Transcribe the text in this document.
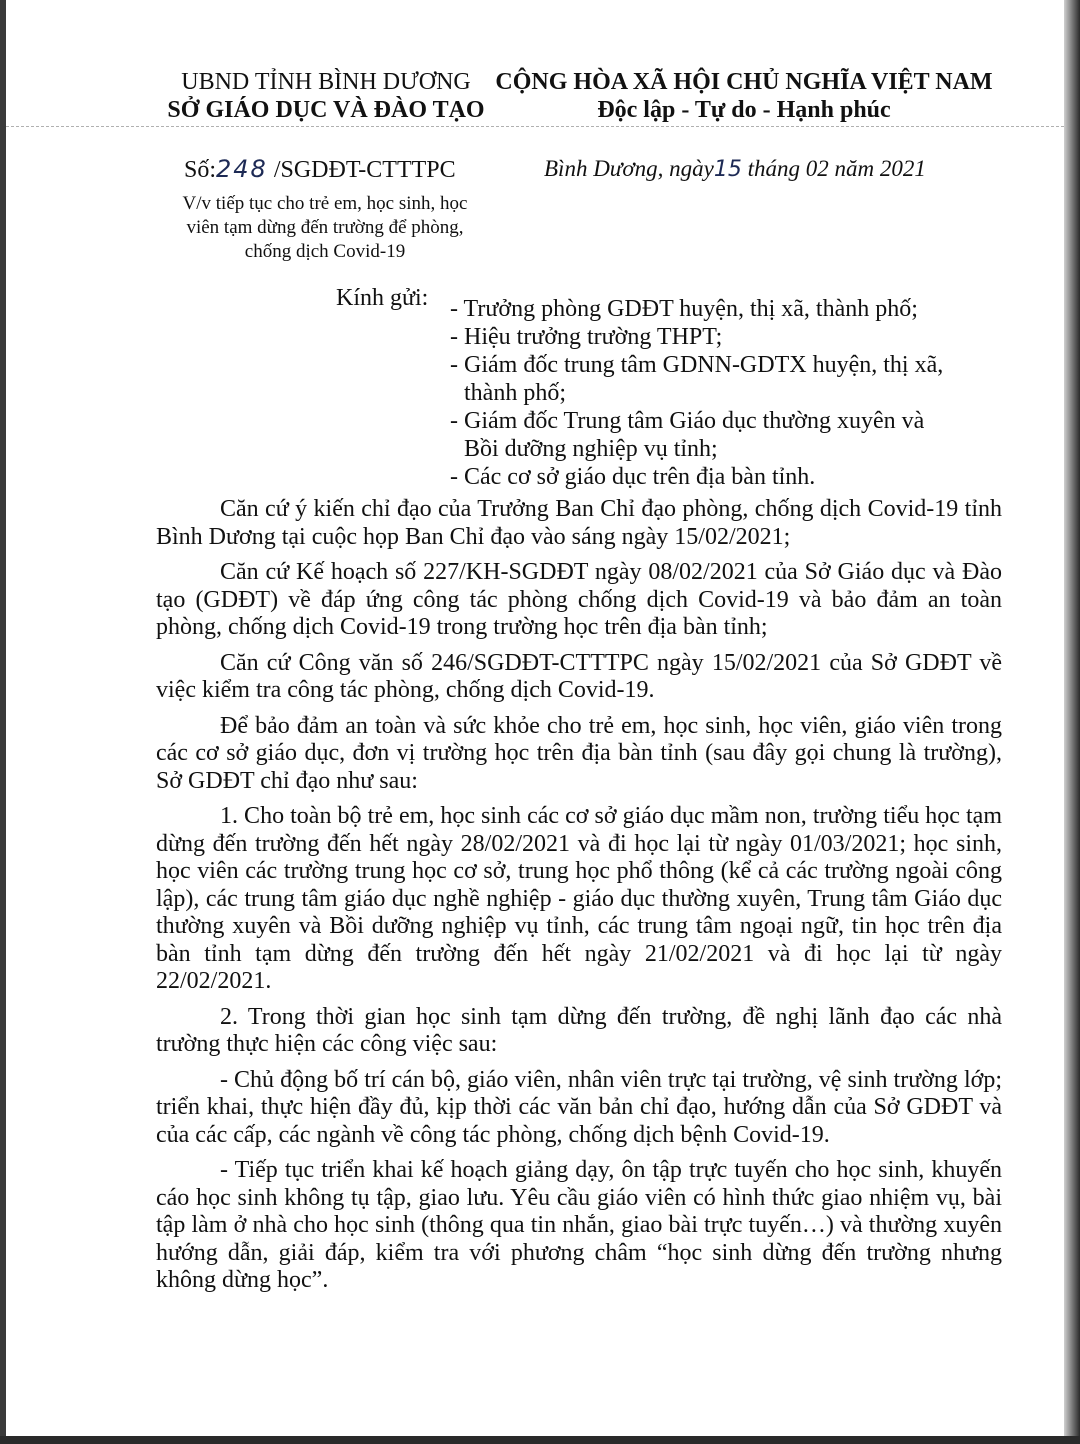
UBND TỈNH BÌNH DƯƠNG
SỞ GIÁO DỤC VÀ ĐÀO TẠO
CỘNG HÒA XÃ HỘI CHỦ NGHĨA VIỆT NAM
Độc lập - Tự do - Hạnh phúc
Số:248 /SGDĐT-CTTTPC	Bình Dương, ngày15 tháng 02 năm 2021
V/v tiếp tục cho trẻ em, học sinh, học viên tạm dừng đến trường để phòng, chống dịch Covid-19
Kính gửi: - Trưởng phòng GDĐT huyện, thị xã, thành phố;
- Hiệu trưởng trường THPT;
- Giám đốc trung tâm GDNN-GDTX huyện, thị xã,
thành phố;
- Giám đốc Trung tâm Giáo dục thường xuyên và
Bồi dưỡng nghiệp vụ tỉnh;
- Các cơ sở giáo dục trên địa bàn tỉnh.

Căn cứ ý kiến chỉ đạo của Trưởng Ban Chỉ đạo phòng, chống dịch Covid-19 tỉnh Bình Dương tại cuộc họp Ban Chỉ đạo vào sáng ngày 15/02/2021;

Căn cứ Kế hoạch số 227/KH-SGDĐT ngày 08/02/2021 của Sở Giáo dục và Đào tạo (GDĐT) về đáp ứng công tác phòng chống dịch Covid-19 và bảo đảm an toàn phòng, chống dịch Covid-19 trong trường học trên địa bàn tỉnh;

Căn cứ Công văn số 246/SGDĐT-CTTTPC ngày 15/02/2021 của Sở GDĐT về việc kiểm tra công tác phòng, chống dịch Covid-19.

Để bảo đảm an toàn và sức khỏe cho trẻ em, học sinh, học viên, giáo viên trong các cơ sở giáo dục, đơn vị trường học trên địa bàn tỉnh (sau đây gọi chung là trường), Sở GDĐT chỉ đạo như sau:

1. Cho toàn bộ trẻ em, học sinh các cơ sở giáo dục mầm non, trường tiểu học tạm dừng đến trường đến hết ngày 28/02/2021 và đi học lại từ ngày 01/03/2021; học sinh, học viên các trường trung học cơ sở, trung học phổ thông (kể cả các trường ngoài công lập), các trung tâm giáo dục nghề nghiệp - giáo dục thường xuyên, Trung tâm Giáo dục thường xuyên và Bồi dưỡng nghiệp vụ tỉnh, các trung tâm ngoại ngữ, tin học trên địa bàn tỉnh tạm dừng đến trường đến hết ngày 21/02/2021 và đi học lại từ ngày 22/02/2021.

2. Trong thời gian học sinh tạm dừng đến trường, đề nghị lãnh đạo các nhà trường thực hiện các công việc sau:

- Chủ động bố trí cán bộ, giáo viên, nhân viên trực tại trường, vệ sinh trường lớp; triển khai, thực hiện đầy đủ, kịp thời các văn bản chỉ đạo, hướng dẫn của Sở GDĐT và của các cấp, các ngành về công tác phòng, chống dịch bệnh Covid-19.

- Tiếp tục triển khai kế hoạch giảng dạy, ôn tập trực tuyến cho học sinh, khuyến cáo học sinh không tụ tập, giao lưu. Yêu cầu giáo viên có hình thức giao nhiệm vụ, bài tập làm ở nhà cho học sinh (thông qua tin nhắn, giao bài trực tuyến…) và thường xuyên hướng dẫn, giải đáp, kiểm tra với phương châm “học sinh dừng đến trường nhưng không dừng học”.
